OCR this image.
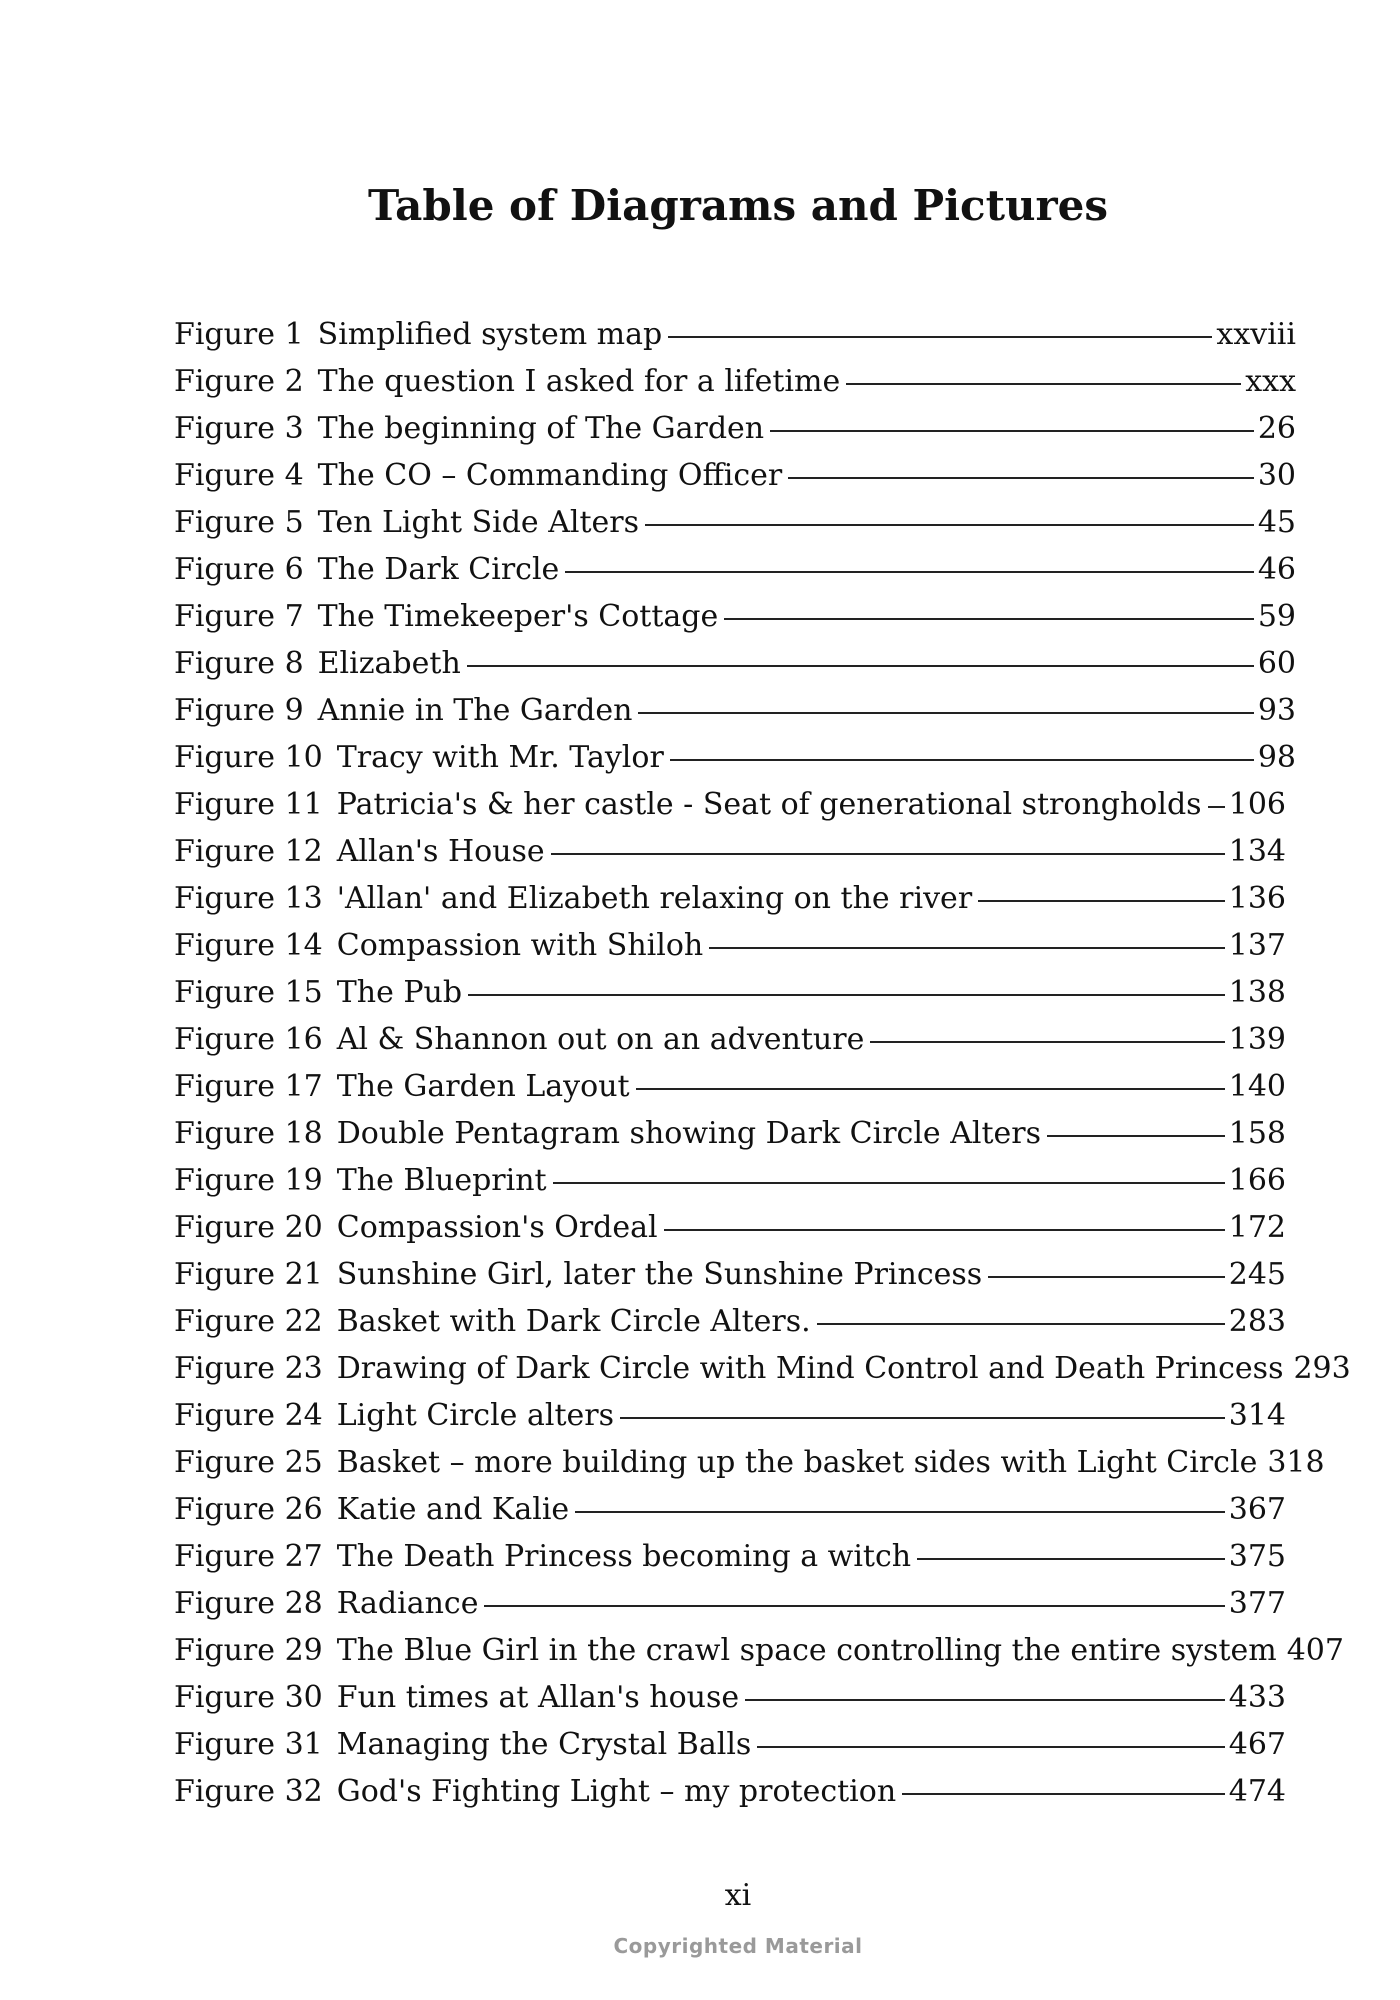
Table of Diagrams and Pictures
Figure 1 Simplified system map	xxviii
Figure 2 The question I asked for a lifetime	xxx
Figure 3 The beginning of The Garden	26
Figure 4 The CO – Commanding Officer	30
Figure 5 Ten Light Side Alters	45
Figure 6 The Dark Circle	46
Figure 7 The Timekeeper's Cottage	59
Figure 8 Elizabeth	60
Figure 9 Annie in The Garden	93
Figure 10 Tracy with Mr. Taylor	98
Figure 11 Patricia's & her castle - Seat of generational strongholds 106
Figure 12 Allan's House	134
Figure 13 'Allan' and Elizabeth relaxing on the river	136
Figure 14 Compassion with Shiloh	137
Figure 15 The Pub	138
Figure 16 Al & Shannon out on an adventure	139
Figure 17 The Garden Layout	140
Figure 18 Double Pentagram showing Dark Circle Alters	158
Figure 19 The Blueprint	166
Figure 20 Compassion's Ordeal	172
Figure 21 Sunshine Girl, later the Sunshine Princess	245
Figure 22 Basket with Dark Circle Alters.	283
Figure 23 Drawing of Dark Circle with Mind Control and Death Princess 293
Figure 24 Light Circle alters	314
Figure 25 Basket – more building up the basket sides with Light Circle 318
Figure 26 Katie and Kalie	367
Figure 27 The Death Princess becoming a witch	375
Figure 28 Radiance	377
Figure 29 The Blue Girl in the crawl space controlling the entire system 407
Figure 30 Fun times at Allan's house	433
Figure 31 Managing the Crystal Balls	467
Figure 32 God's Fighting Light – my protection	474
xi
Copyrighted Material
